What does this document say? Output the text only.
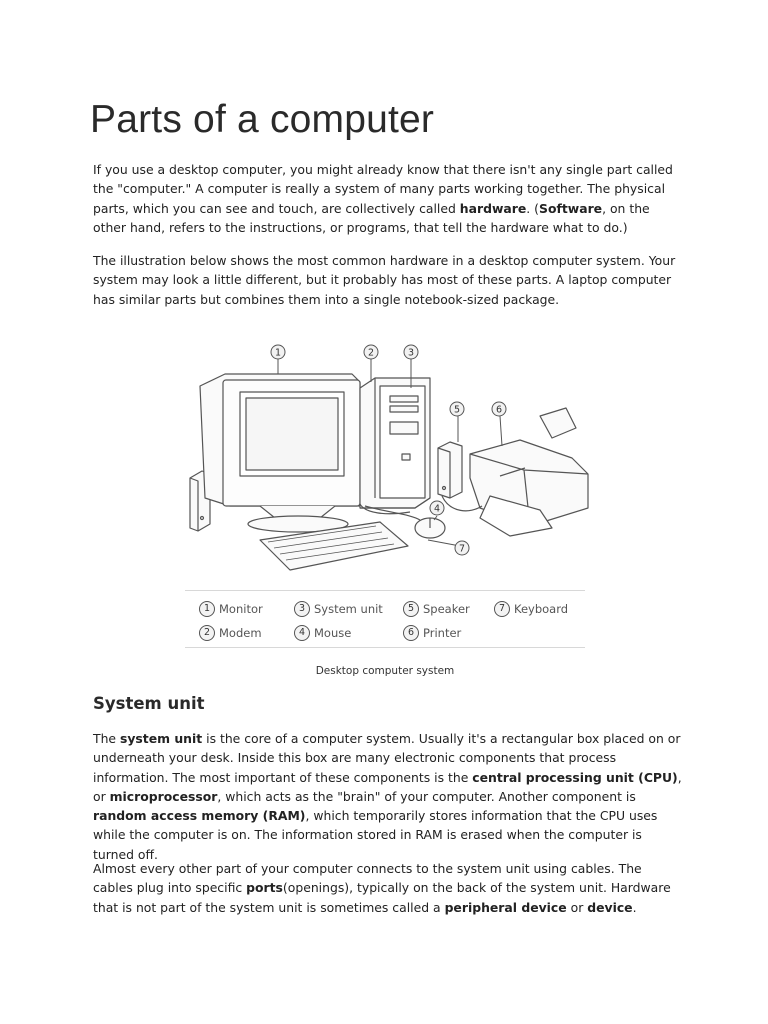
Parts of a computer

If you use a desktop computer, you might already know that there isn't any single part called the "computer." A computer is really a system of many parts working together. The physical parts, which you can see and touch, are collectively called hardware. (Software, on the other hand, refers to the instructions, or programs, that tell the hardware what to do.)

The illustration below shows the most common hardware in a desktop computer system. Your system may look a little different, but it probably has most of these parts. A laptop computer has similar parts but combines them into a single notebook-sized package.

1	2	3
4
5	6
7
1 Monitor	3 System unit	5 Speaker	7 Keyboard
2 Modem	4 Mouse	6 Printer
Desktop computer system
System unit

The system unit is the core of a computer system. Usually it's a rectangular box placed on or underneath your desk. Inside this box are many electronic components that process information. The most important of these components is the central processing unit (CPU), or microprocessor, which acts as the "brain" of your computer. Another component is random access memory (RAM), which temporarily stores information that the CPU uses while the computer is on. The information stored in RAM is erased when the computer is turned off.

Almost every other part of your computer connects to the system unit using cables. The cables plug into specific ports(openings), typically on the back of the system unit. Hardware that is not part of the system unit is sometimes called a peripheral device or device.
